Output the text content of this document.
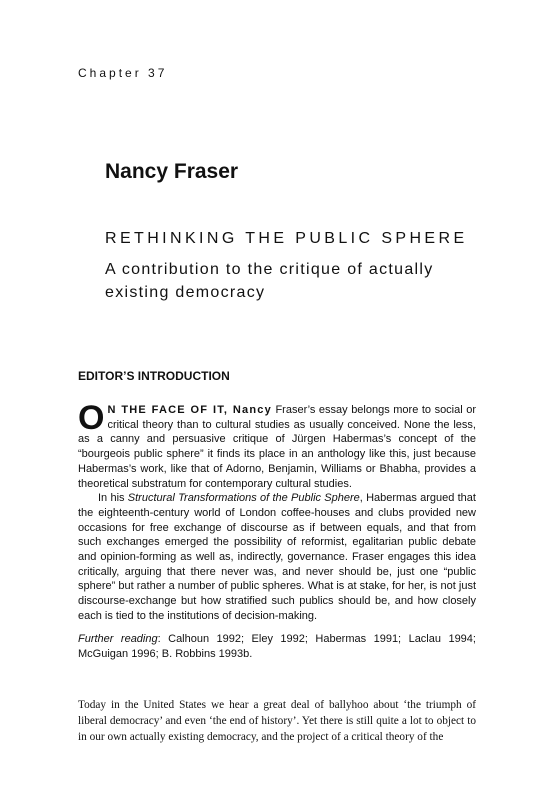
Chapter 37
Nancy Fraser
RETHINKING THE PUBLIC SPHERE
A contribution to the critique of actually existing democracy
EDITOR’S INTRODUCTION

O N THE FACE OF IT, Nancy Fraser’s essay belongs more to social or critical theory than to cultural studies as usually conceived. None the less, as a canny and persuasive critique of Jürgen Habermas’s concept of the “bourgeois public sphere” it finds its place in an anthology like this, just because Habermas’s work, like that of Adorno, Benjamin, Williams or Bhabha, provides a theoretical substratum for contemporary cultural studies.

In his Structural Transformations of the Public Sphere, Habermas argued that the eighteenth-century world of London coffee-houses and clubs provided new occasions for free exchange of discourse as if between equals, and that from such exchanges emerged the possibility of reformist, egalitarian public debate and opinion-forming as well as, indirectly, governance. Fraser engages this idea critically, arguing that there never was, and never should be, just one “public sphere” but rather a number of public spheres. What is at stake, for her, is not just discourse-exchange but how stratified such publics should be, and how closely each is tied to the institutions of decision-making.

Further reading: Calhoun 1992; Eley 1992; Habermas 1991; Laclau 1994; McGuigan 1996; B. Robbins 1993b.
Today in the United States we hear a great deal of ballyhoo about ‘the triumph of liberal democracy’ and even ‘the end of history’. Yet there is still quite a lot to object to in our own actually existing democracy, and the project of a critical theory of the
